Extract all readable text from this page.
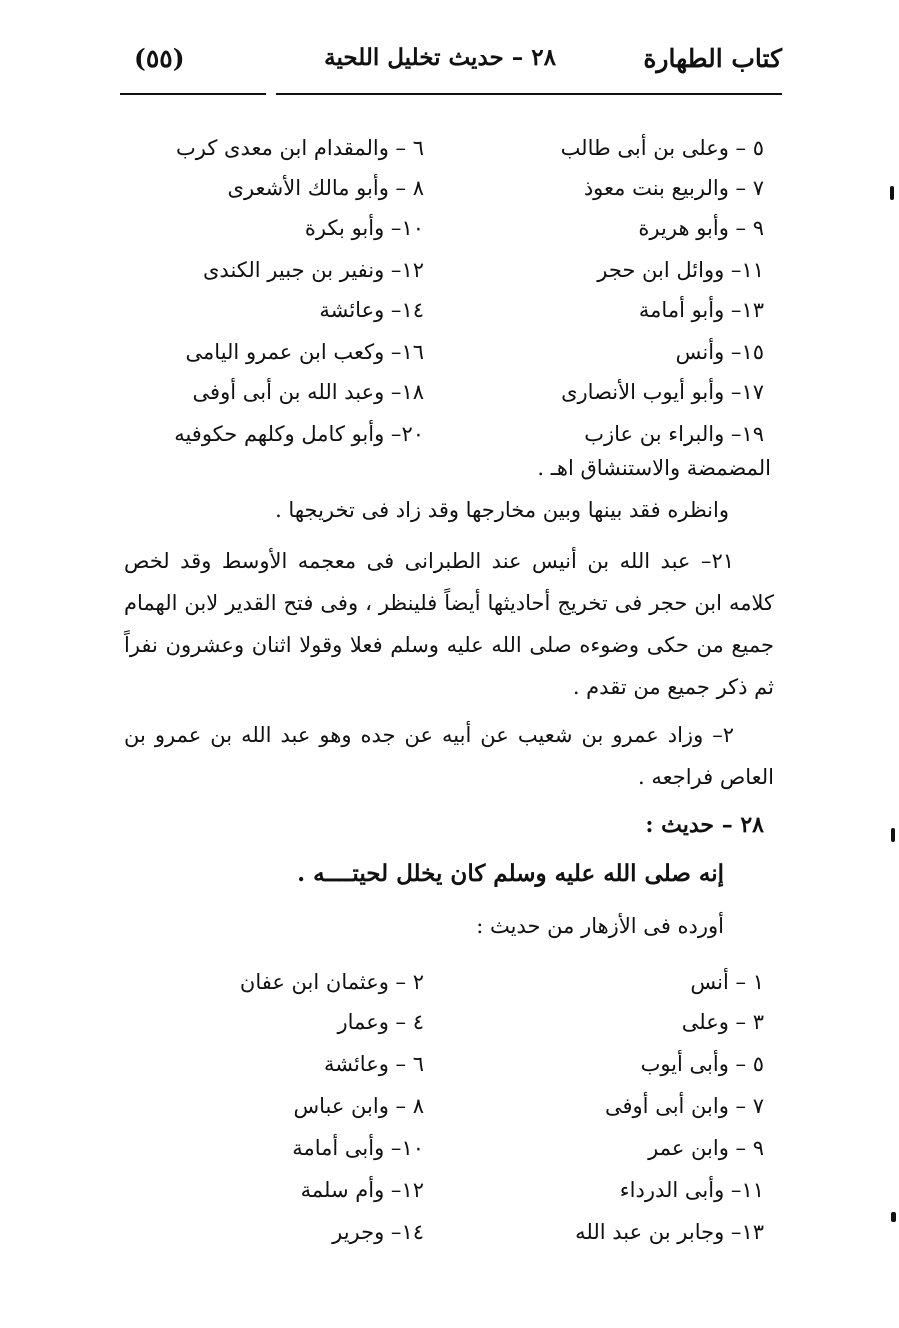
كتاب الطهارة
٢٨ – حديث تخليل اللحية
(٥٥)
٥ – وعلى بن أبى طالب
٦ – والمقدام ابن معدى كرب
٧ – والربيع بنت معوذ
٨ – وأبو مالك الأشعرى
٩ – وأبو هريرة
١٠– وأبو بكرة
١١– ووائل ابن حجر
١٢– ونفير بن جبير الكندى
١٣– وأبو أمامة
١٤– وعائشة
١٥– وأنس
١٦– وكعب ابن عمرو اليامى
١٧– وأبو أيوب الأنصارى
١٨– وعبد الله بن أبى أوفى
١٩– والبراء بن عازب
٢٠– وأبو كامل وكلهم حكوفيه
المضمضة والاستنشاق اهـ .
وانظره فقد بينها وبين مخارجها وقد زاد فى تخريجها .
٢١– عبد الله بن أنيس عند الطبرانى فى معجمه الأوسط وقد لخص كلامه ابن حجر فى تخريج أحاديثها أيضاً فلينظر ، وفى فتح القدير لابن الهمام جميع من حكى وضوءه صلى الله عليه وسلم فعلا وقولا اثنان وعشرون نفراً ثم ذكر جميع من تقدم .
٢– وزاد عمرو بن شعيب عن أبيه عن جده وهو عبد الله بن عمرو بن العاص فراجعه .
٢٨ – حديث :
إنه صلى الله عليه وسلم كان يخلل لحيتــــه .
أورده فى الأزهار من حديث :
١ – أنس
٢ – وعثمان ابن عفان
٣ – وعلى
٤ – وعمار
٥ – وأبى أيوب
٦ – وعائشة
٧ – وابن أبى أوفى
٨ – وابن عباس
٩ – وابن عمر
١٠– وأبى أمامة
١١– وأبى الدرداء
١٢– وأم سلمة
١٣– وجابر بن عبد الله
١٤– وجرير
